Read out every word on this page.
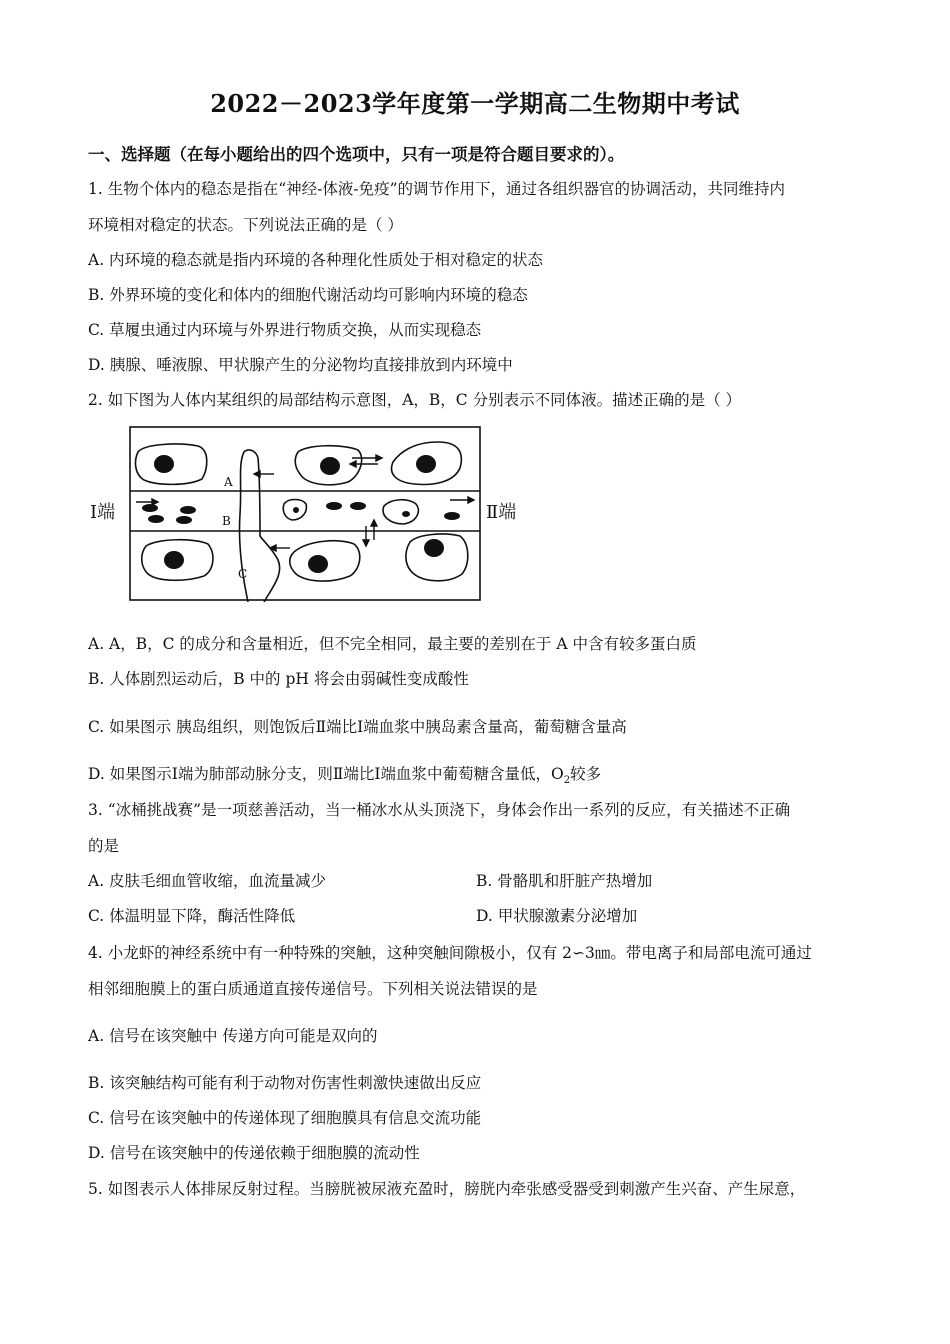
2022－2023学年度第一学期高二生物期中考试
一、选择题（在每小题给出的四个选项中，只有一项是符合题目要求的）。
1. 生物个体内的稳态是指在“神经-体液-免疫”的调节作用下，通过各组织器官的协调活动，共同维持内
环境相对稳定的状态。下列说法正确的是（ ）
A. 内环境的稳态就是指内环境的各种理化性质处于相对稳定的状态
B. 外界环境的变化和体内的细胞代谢活动均可影响内环境的稳态
C. 草履虫通过内环境与外界进行物质交换，从而实现稳态
D. 胰腺、唾液腺、甲状腺产生的分泌物均直接排放到内环境中
2. 如下图为人体内某组织的局部结构示意图，A，B，C 分别表示不同体液。描述正确的是（ ）
Ⅰ端	Ⅱ端
A
B
C
A. A，B，C 的成分和含量相近，但不完全相同，最主要的差别在于 A 中含有较多蛋白质
B. 人体剧烈运动后，B 中的 pH 将会由弱碱性变成酸性
C. 如果图示 胰岛组织，则饱饭后Ⅱ端比Ⅰ端血浆中胰岛素含量高，葡萄糖含量高
D. 如果图示Ⅰ端为肺部动脉分支，则Ⅱ端比Ⅰ端血浆中葡萄糖含量低，$O_2$较多
3. “冰桶挑战赛”是一项慈善活动，当一桶冰水从头顶浇下，身体会作出一系列的反应，有关描述不正确
的是
A. 皮肤毛细血管收缩，血流量减少	B. 骨骼肌和肝脏产热增加
C. 体温明显下降，酶活性降低	D. 甲状腺激素分泌增加
4. 小龙虾的神经系统中有一种特殊的突触，这种突触间隙极小，仅有 2∽3㎚。带电离子和局部电流可通过
相邻细胞膜上的蛋白质通道直接传递信号。下列相关说法错误的是
A. 信号在该突触中 传递方向可能是双向的
B. 该突触结构可能有利于动物对伤害性刺激快速做出反应
C. 信号在该突触中的传递体现了细胞膜具有信息交流功能
D. 信号在该突触中的传递依赖于细胞膜的流动性
5. 如图表示人体排尿反射过程。当膀胱被尿液充盈时，膀胱内牵张感受器受到刺激产生兴奋、产生尿意，
